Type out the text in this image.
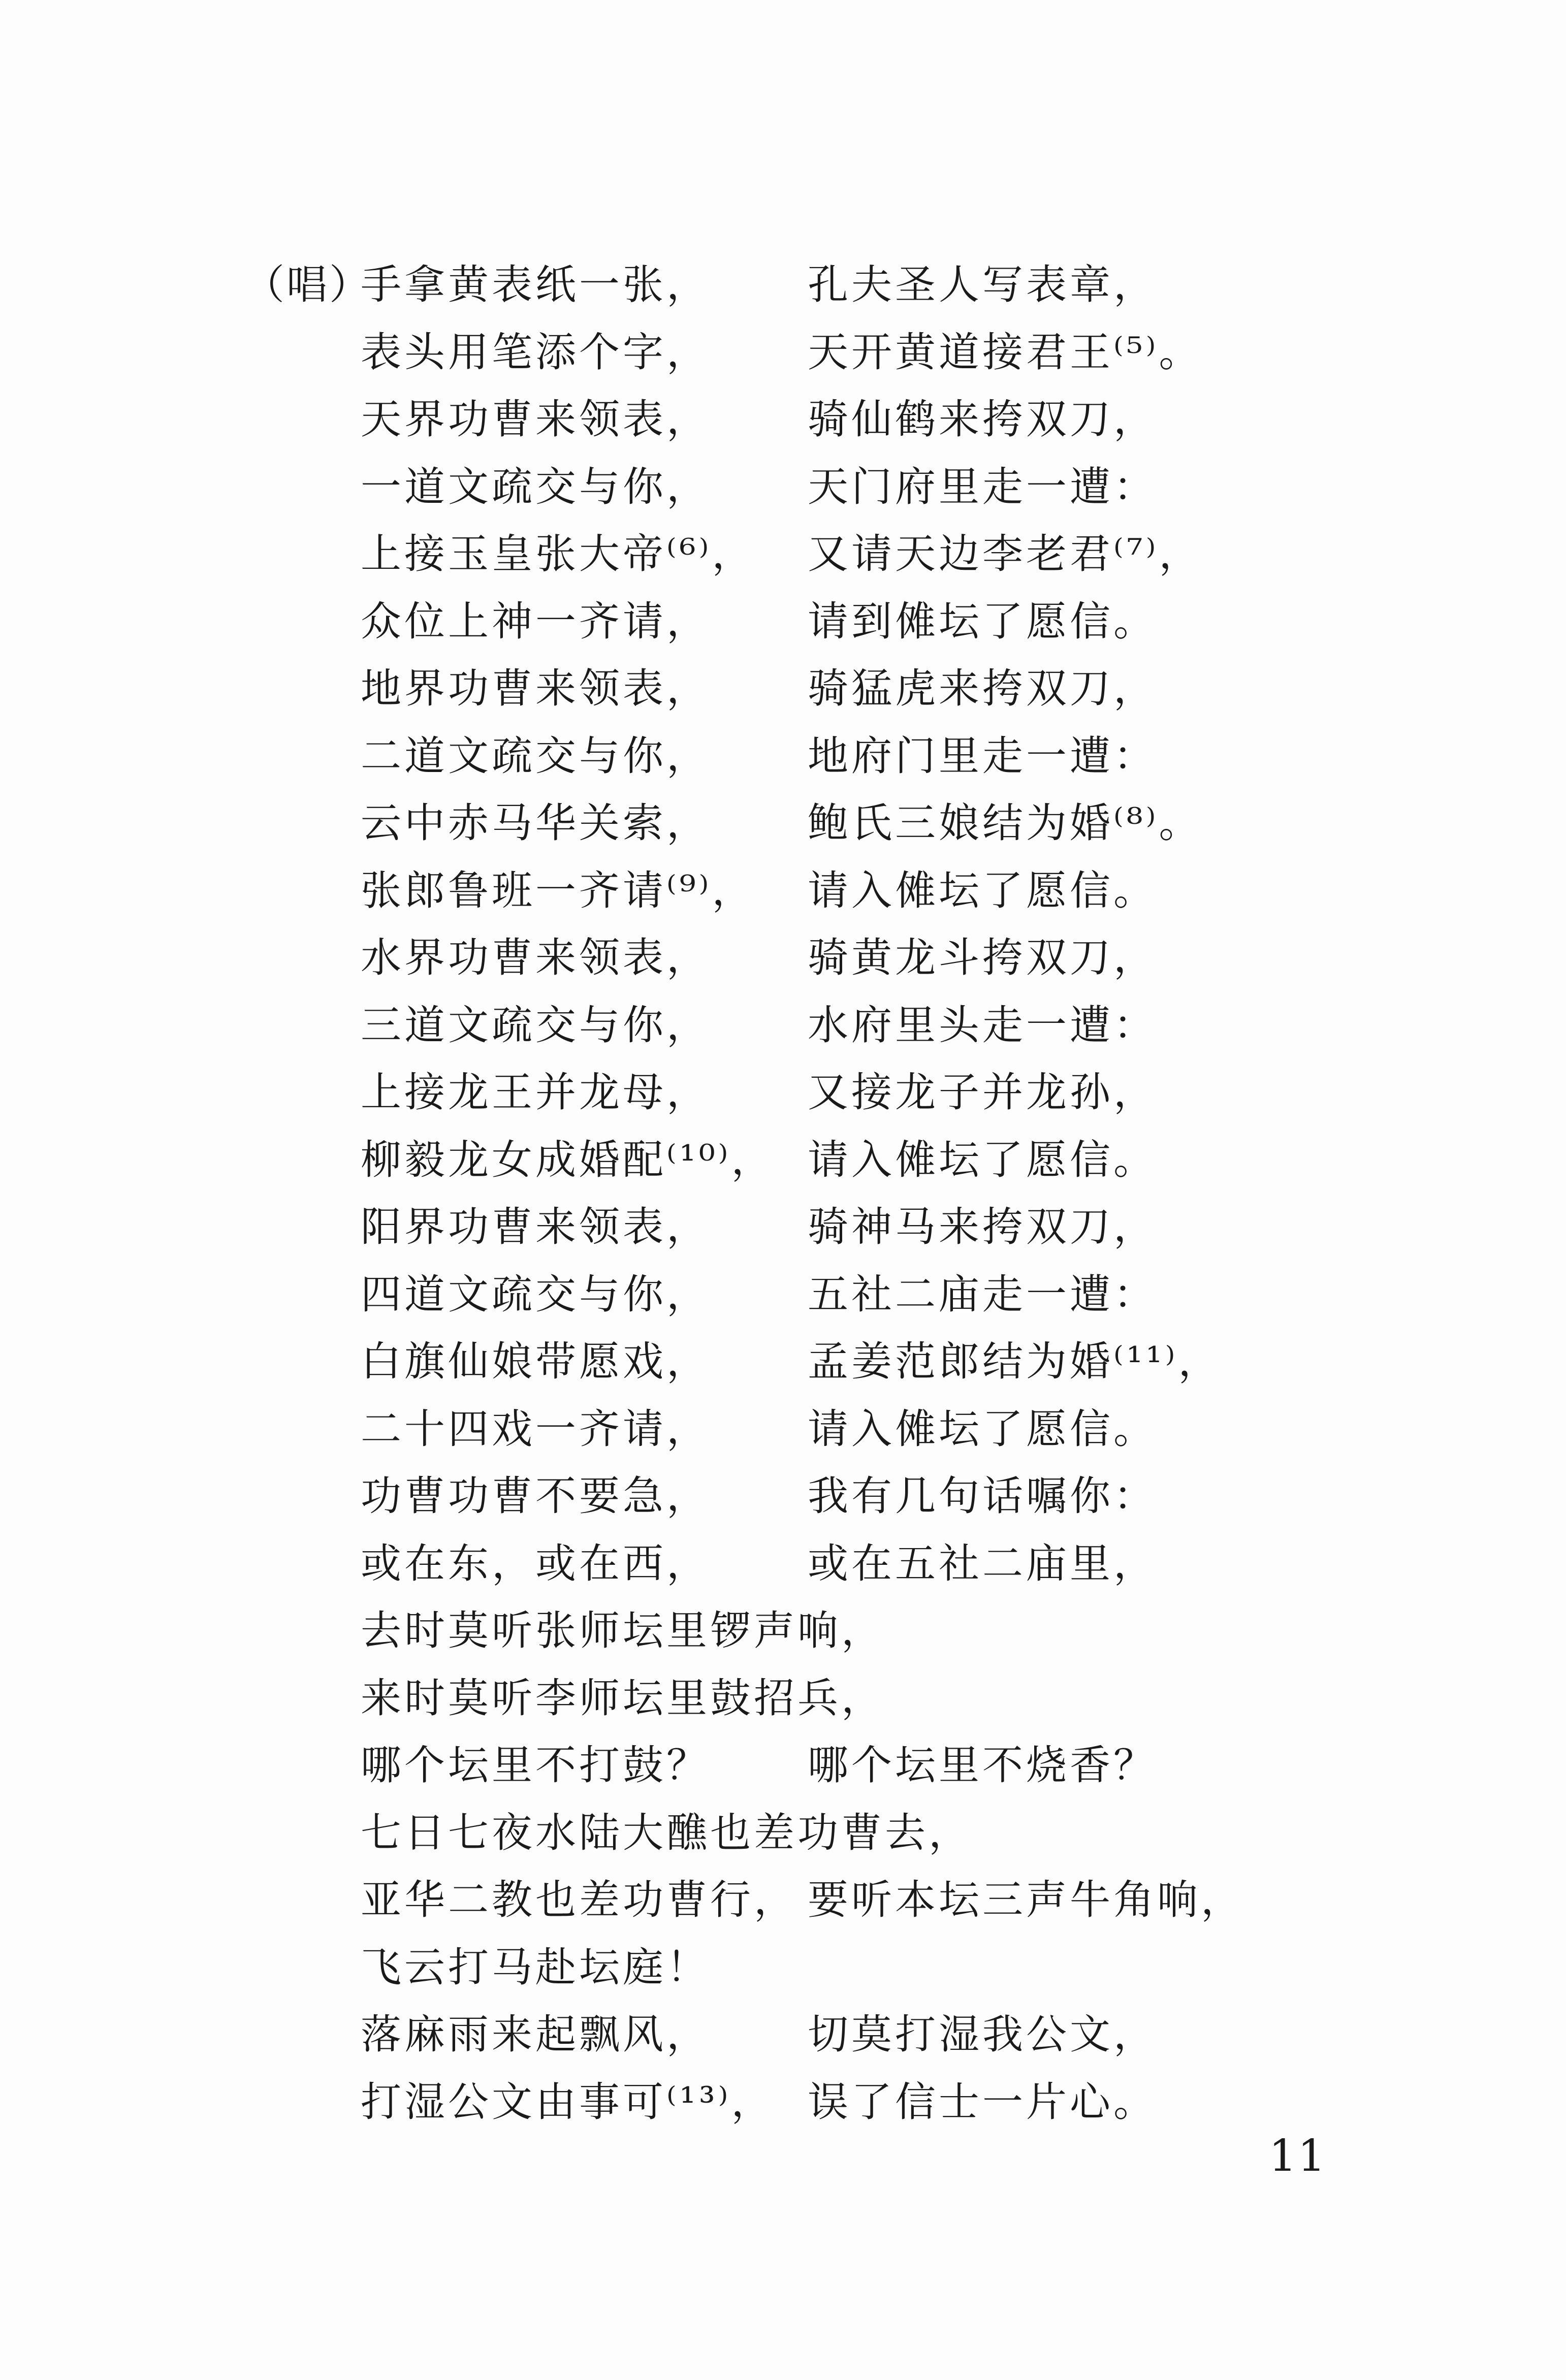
（唱）
手拿黄表纸一张， 孔夫圣人写表章，
表头用笔添个字， 天开黄道接君王⁽⁵⁾。
天界功曹来领表， 骑仙鹤来挎双刀，
一道文疏交与你， 天门府里走一遭：
上接玉皇张大帝⁽⁶⁾， 又请天边李老君⁽⁷⁾，
众位上神一齐请， 请到傩坛了愿信。
地界功曹来领表， 骑猛虎来挎双刀，
二道文疏交与你， 地府门里走一遭：
云中赤马华关索， 鲍氏三娘结为婚⁽⁸⁾。
张郎鲁班一齐请⁽⁹⁾， 请入傩坛了愿信。
水界功曹来领表， 骑黄龙斗挎双刀，
三道文疏交与你， 水府里头走一遭：
上接龙王并龙母， 又接龙子并龙孙，
柳毅龙女成婚配⁽¹⁰⁾， 请入傩坛了愿信。
阳界功曹来领表， 骑神马来挎双刀，
四道文疏交与你， 五社二庙走一遭：
白旗仙娘带愿戏， 孟姜范郎结为婚⁽¹¹⁾，
二十四戏一齐请， 请入傩坛了愿信。
功曹功曹不要急， 我有几句话嘱你：
或在东，或在西， 或在五社二庙里，
去时莫听张师坛里锣声响，
来时莫听李师坛里鼓招兵，
哪个坛里不打鼓？ 哪个坛里不烧香？
七日七夜水陆大醮也差功曹去，
亚华二教也差功曹行， 要听本坛三声牛角响，
飞云打马赴坛庭！
落麻雨来起飘风， 切莫打湿我公文，
打湿公文由事可⁽¹³⁾， 误了信士一片心。
11
